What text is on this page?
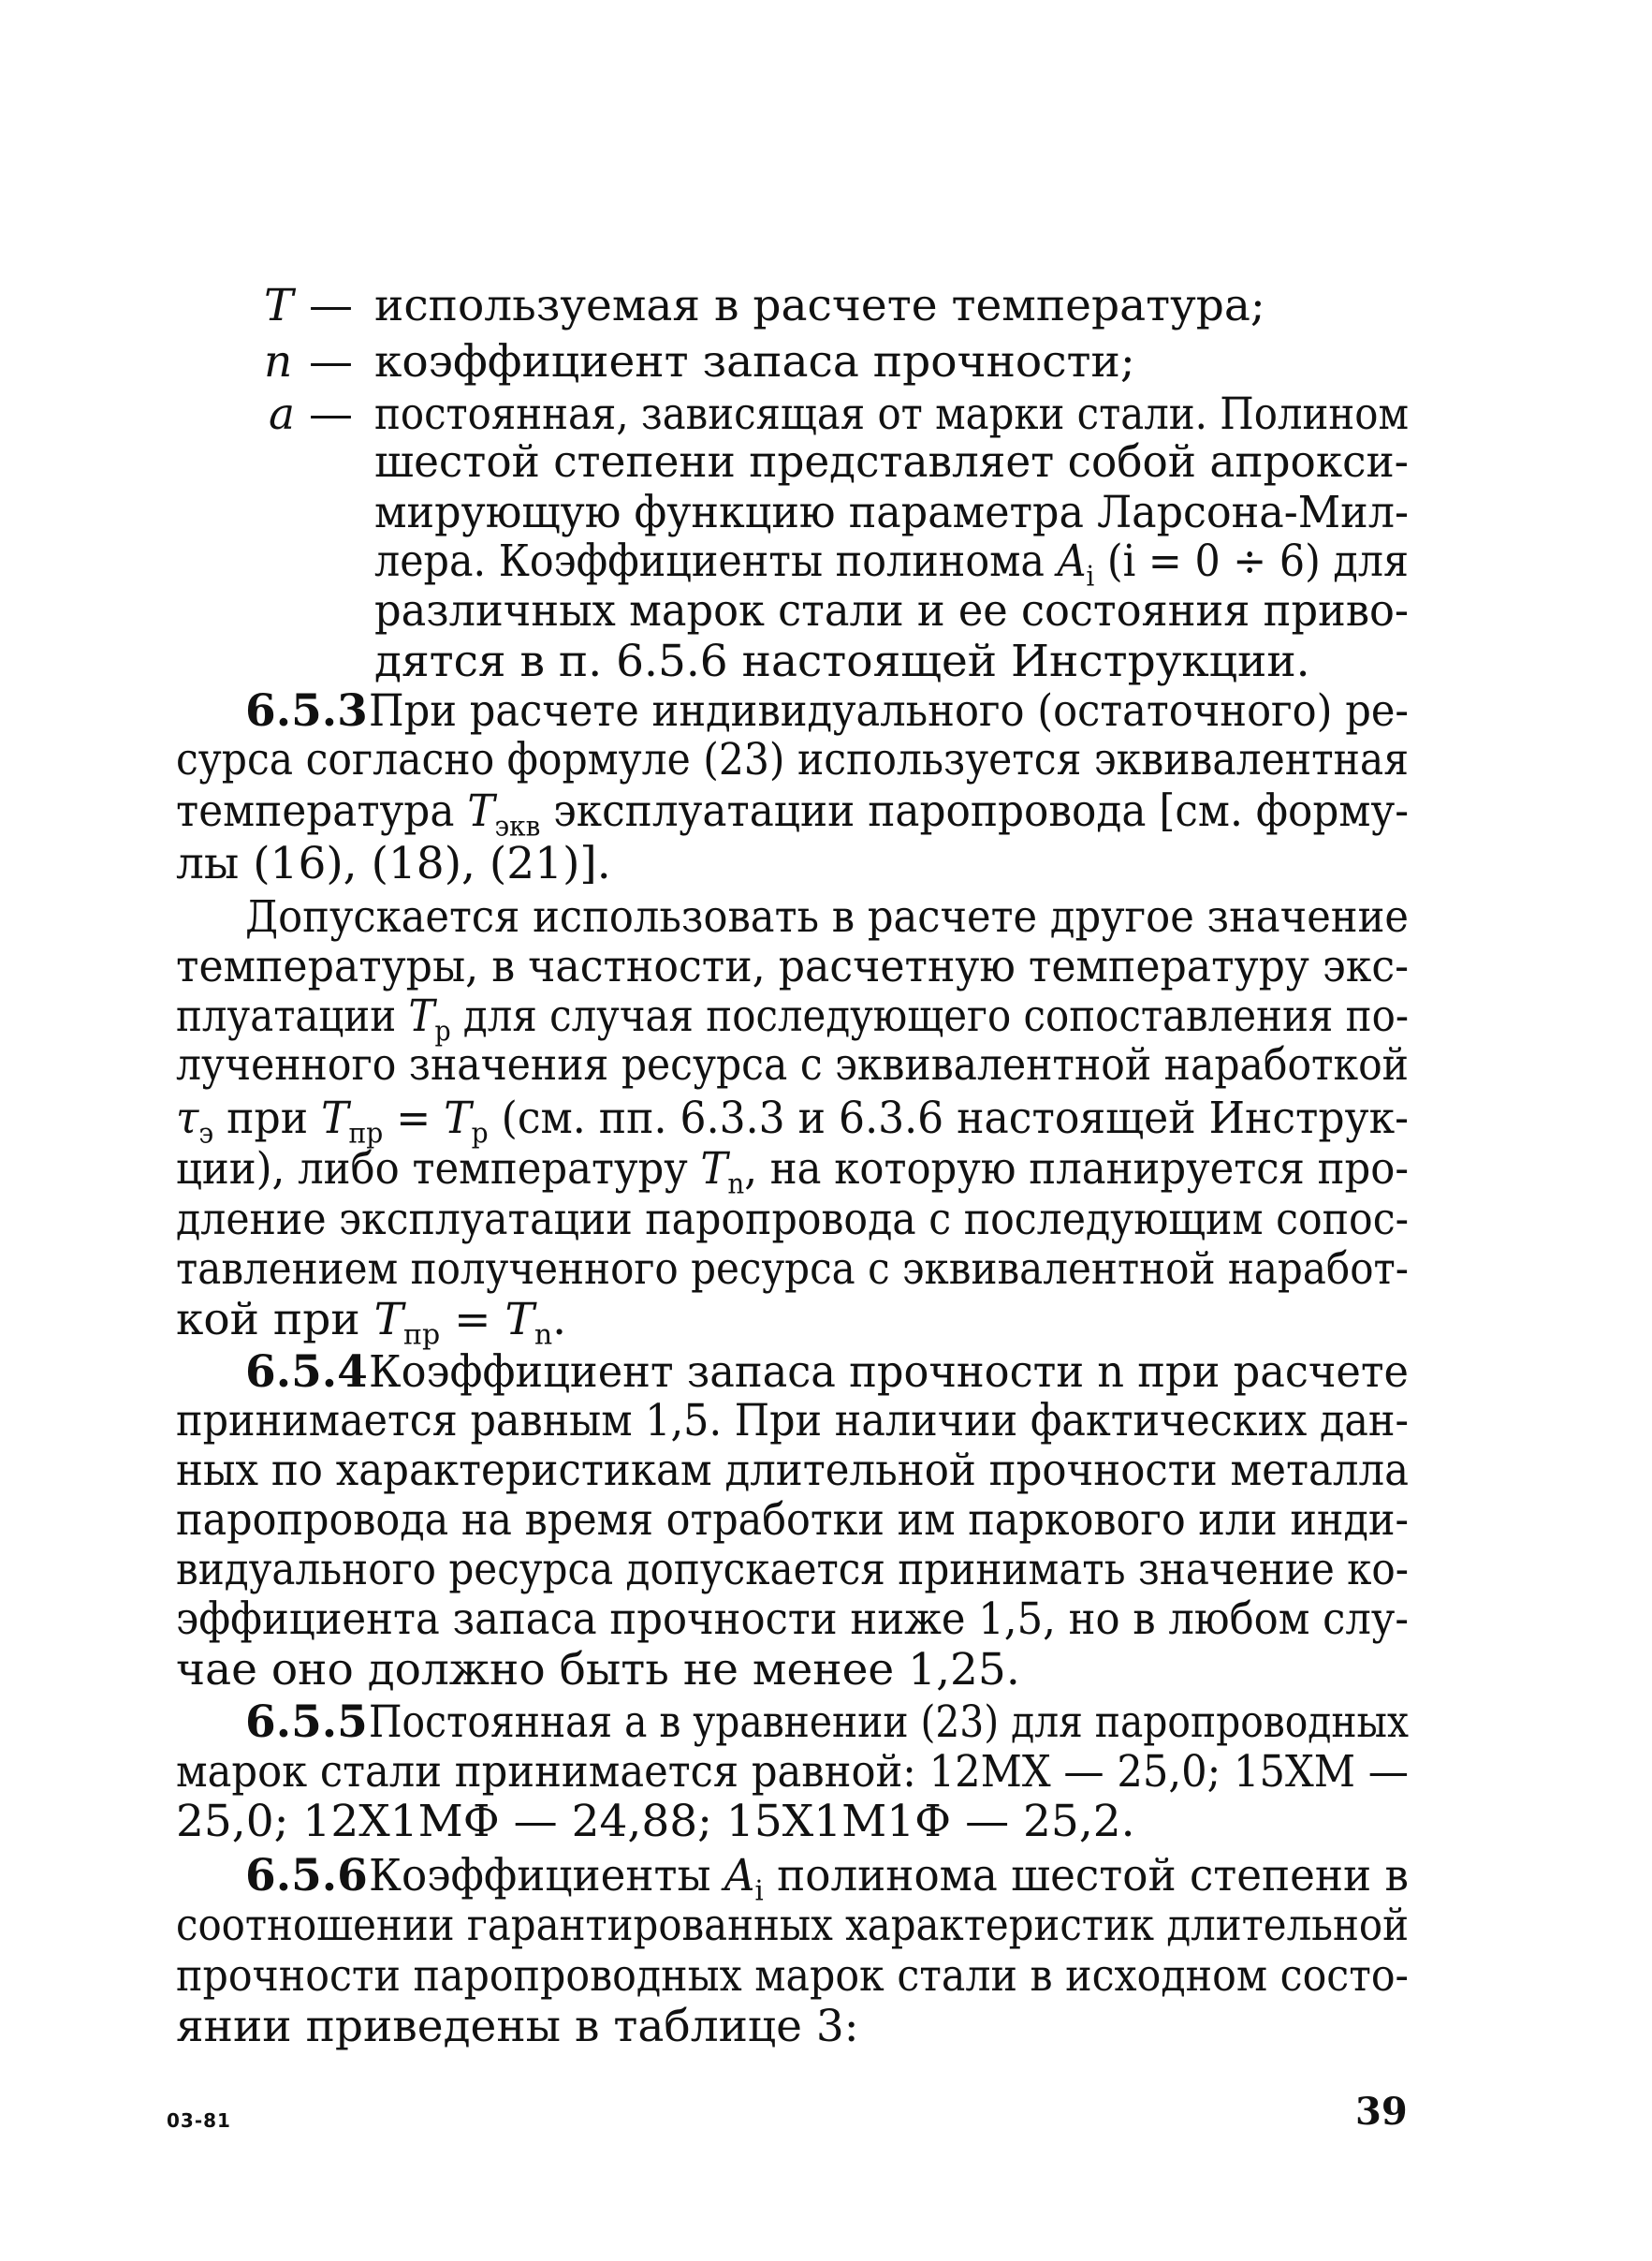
T — используемая в расчете температура;
n — коэффициент запаса прочности;
a — постоянная, зависящая от марки стали. Полином
шестой степени представляет собой апрокси-
мирующую функцию параметра Ларсона-Мил-
лера. Коэффициенты полинома $A_i$ (i = 0 ÷ 6) для
различных марок стали и ее состояния приво-
дятся в п. 6.5.6 настоящей Инструкции.
6.5.3 При расчете индивидуального (остаточного) ре-
сурса согласно формуле (23) используется эквивалентная
температура $T_{экв}$ эксплуатации паропровода [см. форму-
лы (16), (18), (21)].
Допускается использовать в расчете другое значение
температуры, в частности, расчетную температуру экс-
плуатации $T_р$ для случая последующего сопоставления по-
лученного значения ресурса с эквивалентной наработкой
$\tau_э$ при $T_{пр} = T_р$ (см. пп. 6.3.3 и 6.3.6 настоящей Инструк-
ции), либо температуру $T_n$, на которую планируется про-
дление эксплуатации паропровода с последующим сопос-
тавлением полученного ресурса с эквивалентной наработ-
кой при $T_{пр} = T_n$.
6.5.4 Коэффициент запаса прочности n при расчете
принимается равным 1,5. При наличии фактических дан-
ных по характеристикам длительной прочности металла
паропровода на время отработки им паркового или инди-
видуального ресурса допускается принимать значение ко-
эффициента запаса прочности ниже 1,5, но в любом слу-
чае оно должно быть не менее 1,25.
6.5.5 Постоянная a в уравнении (23) для паропроводных
марок стали принимается равной: 12МХ — 25,0; 15ХМ —
25,0; 12Х1МФ — 24,88; 15Х1М1Ф — 25,2.
6.5.6 Коэффициенты $A_i$ полинома шестой степени в
соотношении гарантированных характеристик длительной
прочности паропроводных марок стали в исходном состо-
янии приведены в таблице 3:
03-81	39
